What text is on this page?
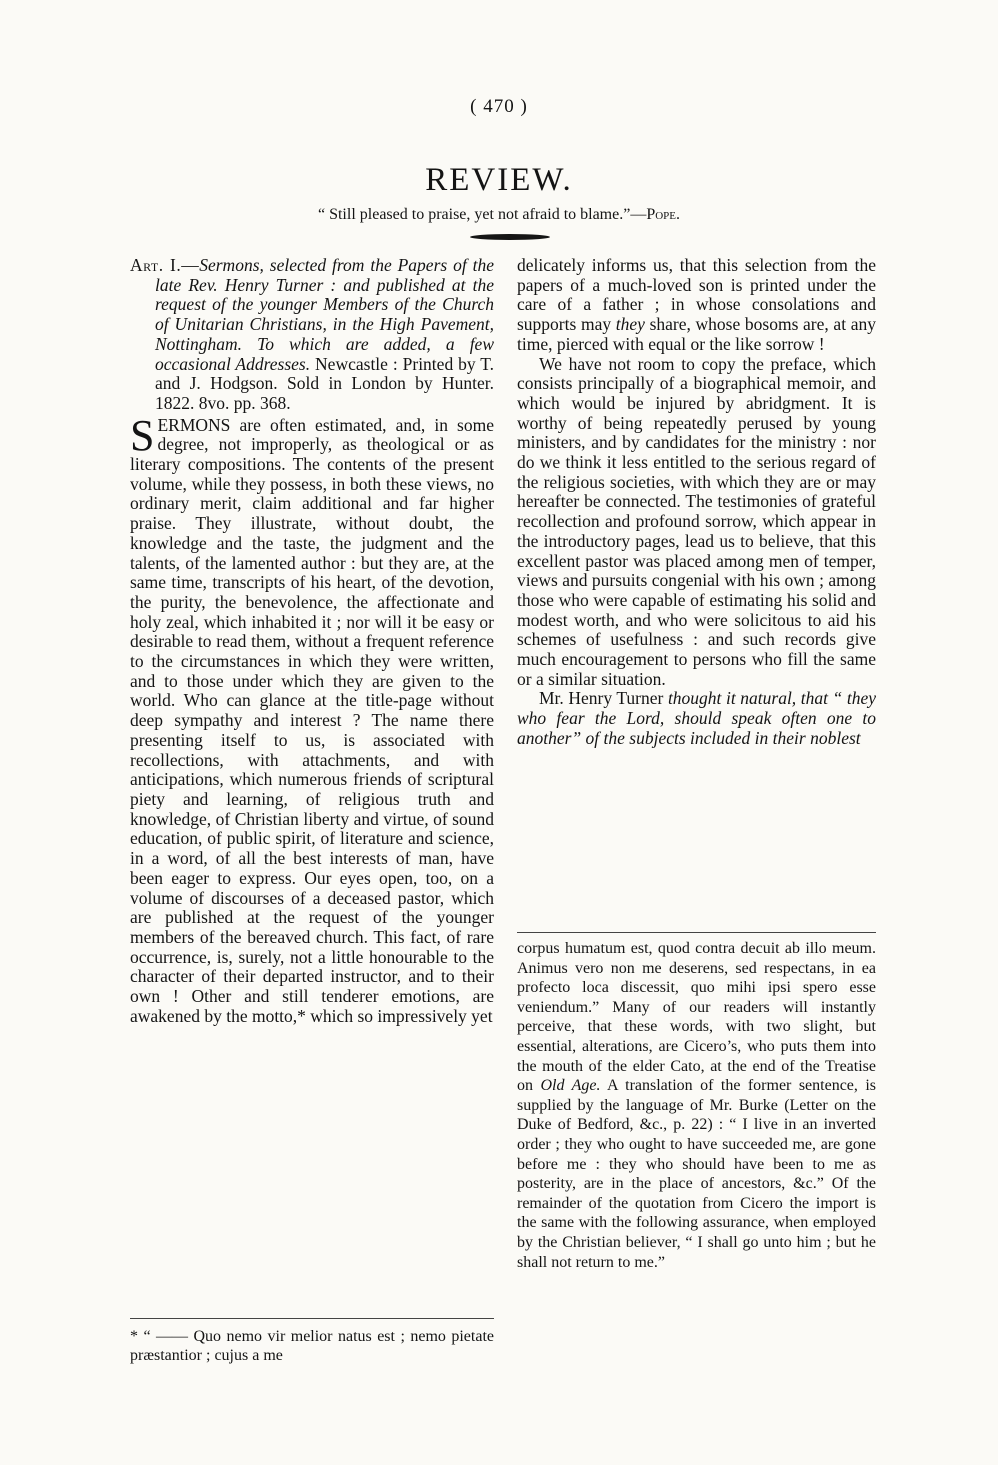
( 470 )
REVIEW.
“ Still pleased to praise, yet not afraid to blame.”—Pope.

Art. I.—Sermons, selected from the Papers of the late Rev. Henry Turner : and published at the request of the younger Members of the Church of Unitarian Christians, in the High Pavement, Nottingham. To which are added, a few occasional Addresses. Newcastle : Printed by T. and J. Hodgson. Sold in London by Hunter. 1822. 8vo. pp. 368.

SERMONS are often estimated, and, in some degree, not improperly, as theological or as literary compositions. The contents of the present volume, while they possess, in both these views, no ordinary merit, claim additional and far higher praise. They illustrate, without doubt, the knowledge and the taste, the judgment and the talents, of the lamented author : but they are, at the same time, transcripts of his heart, of the devotion, the purity, the benevolence, the affectionate and holy zeal, which inhabited it ; nor will it be easy or desirable to read them, without a frequent reference to the circumstances in which they were written, and to those under which they are given to the world. Who can glance at the title-page without deep sympathy and interest ? The name there presenting itself to us, is associated with recollections, with attachments, and with anticipations, which numerous friends of scriptural piety and learning, of religious truth and knowledge, of Christian liberty and virtue, of sound education, of public spirit, of literature and science, in a word, of all the best interests of man, have been eager to express. Our eyes open, too, on a volume of discourses of a deceased pastor, which are published at the request of the younger members of the bereaved church. This fact, of rare occurrence, is, surely, not a little honourable to the character of their departed instructor, and to their own ! Other and still tenderer emotions, are awakened by the motto,* which so impressively yet

* “ —— Quo nemo vir melior natus est ; nemo pietate præstantior ; cujus a me

delicately informs us, that this selection from the papers of a much-loved son is printed under the care of a father ; in whose consolations and supports may they share, whose bosoms are, at any time, pierced with equal or the like sorrow !

We have not room to copy the preface, which consists principally of a biographical memoir, and which would be injured by abridgment. It is worthy of being repeatedly perused by young ministers, and by candidates for the ministry : nor do we think it less entitled to the serious regard of the religious societies, with which they are or may hereafter be connected. The testimonies of grateful recollection and profound sorrow, which appear in the introductory pages, lead us to believe, that this excellent pastor was placed among men of temper, views and pursuits congenial with his own ; among those who were capable of estimating his solid and modest worth, and who were solicitous to aid his schemes of usefulness : and such records give much encouragement to persons who fill the same or a similar situation.

Mr. Henry Turner thought it natural, that “ they who fear the Lord, should speak often one to another” of the subjects included in their noblest

corpus humatum est, quod contra decuit ab illo meum. Animus vero non me deserens, sed respectans, in ea profecto loca discessit, quo mihi ipsi spero esse veniendum.” Many of our readers will instantly perceive, that these words, with two slight, but essential, alterations, are Cicero’s, who puts them into the mouth of the elder Cato, at the end of the Treatise on Old Age. A translation of the former sentence, is supplied by the language of Mr. Burke (Letter on the Duke of Bedford, &c., p. 22) : “ I live in an inverted order ; they who ought to have succeeded me, are gone before me : they who should have been to me as posterity, are in the place of ancestors, &c.” Of the remainder of the quotation from Cicero the import is the same with the following assurance, when employed by the Christian believer, “ I shall go unto him ; but he shall not return to me.”
